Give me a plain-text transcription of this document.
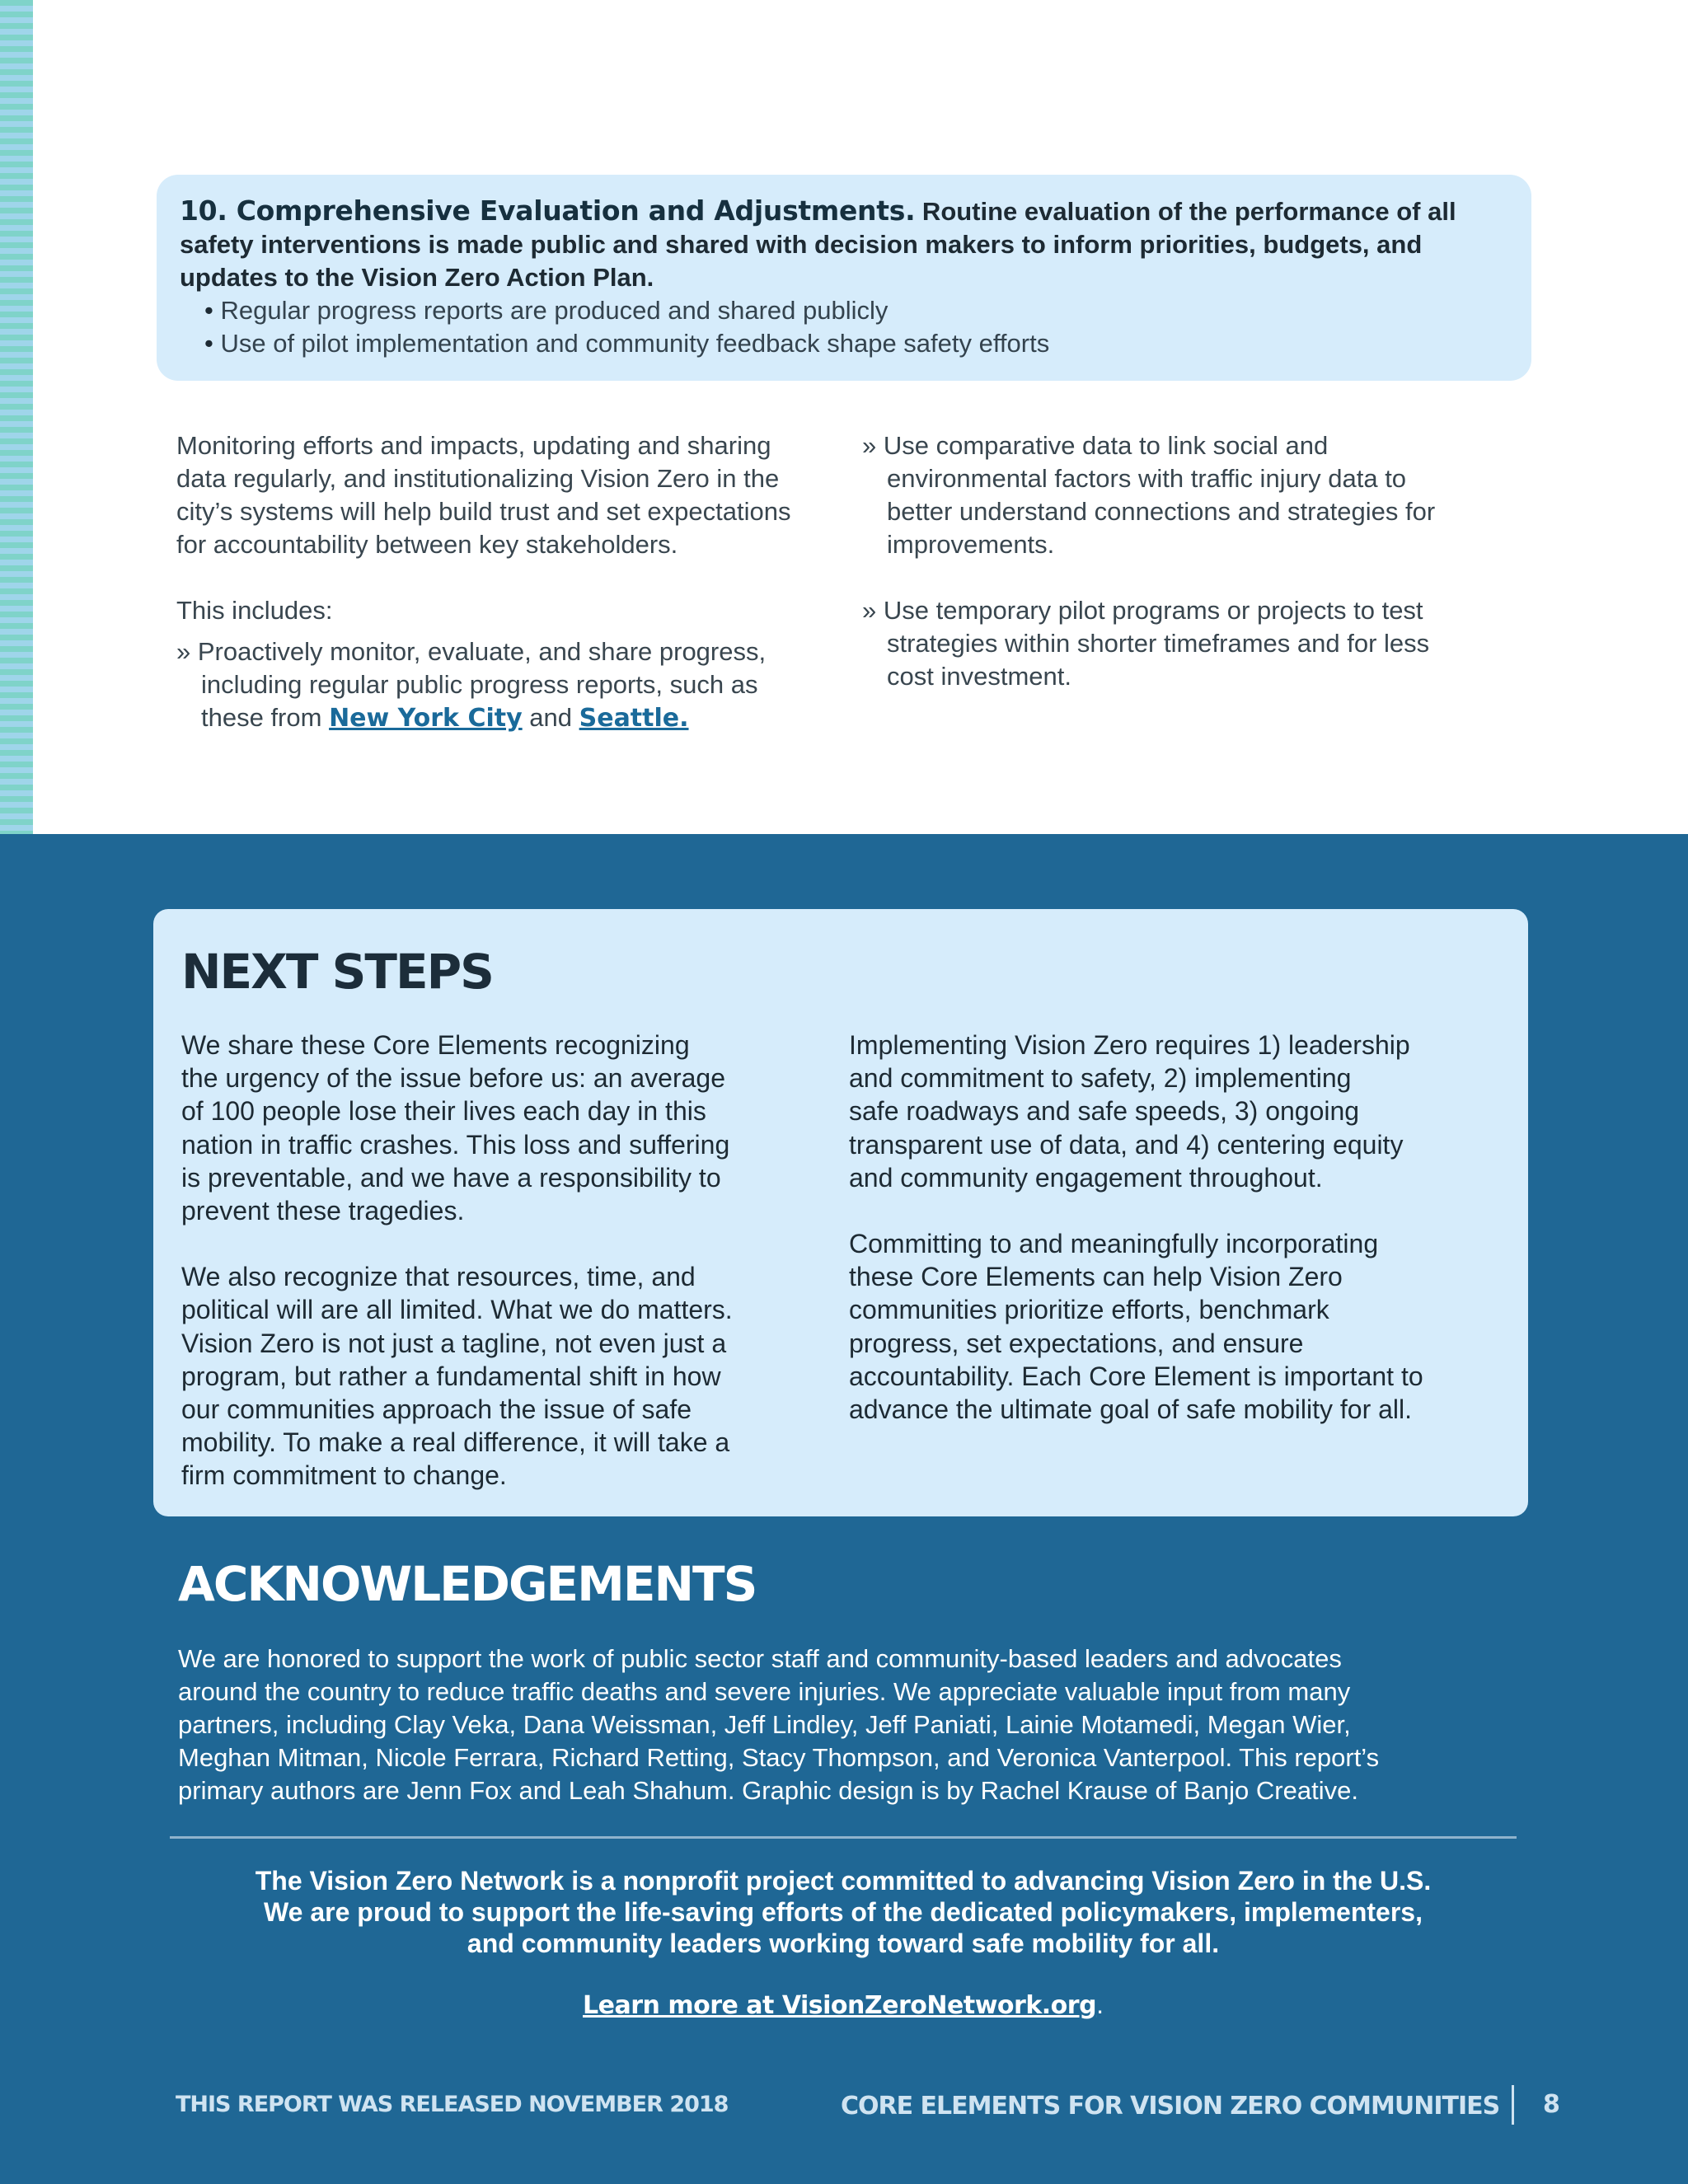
10. Comprehensive Evaluation and Adjustments. Routine evaluation of the performance of all
safety interventions is made public and shared with decision makers to inform priorities, budgets, and
updates to the Vision Zero Action Plan.
• Regular progress reports are produced and shared publicly
• Use of pilot implementation and community feedback shape safety efforts

Monitoring efforts and impacts, updating and sharing
data regularly, and institutionalizing Vision Zero in the
city’s systems will help build trust and set expectations
for accountability between key stakeholders.

This includes:

» Proactively monitor, evaluate, and share progress,
including regular public progress reports, such as
these from New York City and Seattle.

» Use comparative data to link social and
environmental factors with traffic injury data to
better understand connections and strategies for
improvements.

» Use temporary pilot programs or projects to test
strategies within shorter timeframes and for less
cost investment.

NEXT STEPS

We share these Core Elements recognizing
the urgency of the issue before us: an average
of 100 people lose their lives each day in this
nation in traffic crashes. This loss and suffering
is preventable, and we have a responsibility to
prevent these tragedies.

We also recognize that resources, time, and
political will are all limited. What we do matters.
Vision Zero is not just a tagline, not even just a
program, but rather a fundamental shift in how
our communities approach the issue of safe
mobility. To make a real difference, it will take a
firm commitment to change.

Implementing Vision Zero requires 1) leadership
and commitment to safety, 2) implementing
safe roadways and safe speeds, 3) ongoing
transparent use of data, and 4) centering equity
and community engagement throughout.

Committing to and meaningfully incorporating
these Core Elements can help Vision Zero
communities prioritize efforts, benchmark
progress, set expectations, and ensure
accountability. Each Core Element is important to
advance the ultimate goal of safe mobility for all.

ACKNOWLEDGEMENTS
We are honored to support the work of public sector staff and community-based leaders and advocates
around the country to reduce traffic deaths and severe injuries. We appreciate valuable input from many
partners, including Clay Veka, Dana Weissman, Jeff Lindley, Jeff Paniati, Lainie Motamedi, Megan Wier,
Meghan Mitman, Nicole Ferrara, Richard Retting, Stacy Thompson, and Veronica Vanterpool. This report’s
primary authors are Jenn Fox and Leah Shahum. Graphic design is by Rachel Krause of Banjo Creative.
The Vision Zero Network is a nonprofit project committed to advancing Vision Zero in the U.S.
We are proud to support the life-saving efforts of the dedicated policymakers, implementers,
and community leaders working toward safe mobility for all.
Learn more at VisionZeroNetwork.org.
THIS REPORT WAS RELEASED NOVEMBER 2018	CORE ELEMENTS FOR VISION ZERO COMMUNITIES 8
